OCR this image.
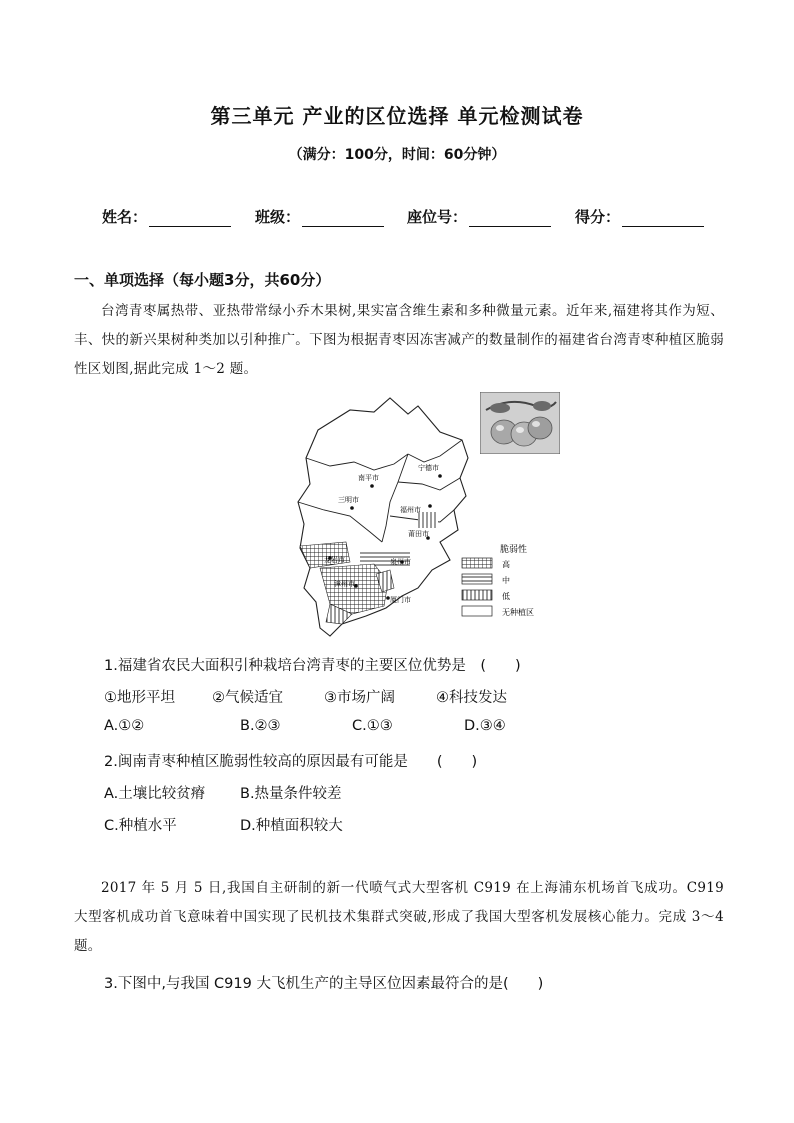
第三单元 产业的区位选择 单元检测试卷
（满分：100分，时间：60分钟）
姓名：	班级：	座位号：	得分：
一、单项选择（每小题3分，共60分）
台湾青枣属热带、亚热带常绿小乔木果树,果实富含维生素和多种微量元素。近年来,福建将其作为短、丰、快的新兴果树种类加以引种推广。下图为根据青枣因冻害减产的数量制作的福建省台湾青枣种植区脆弱性区划图,据此完成 1～2 题。
南平市
宁德市
三明市
福州市
莆田市
龙岩市	泉州市
漳州市
厦门市
脆弱性
高
中
低
无种植区
1.福建省农民大面积引种栽培台湾青枣的主要区位优势是　(　　)
①地形平坦	②气候适宜	③市场广阔	④科技发达
A.①②	B.②③	C.①③	D.③④
2.闽南青枣种植区脆弱性较高的原因最有可能是　　(　　)
A.土壤比较贫瘠 B.热量条件较差
C.种植水平	D.种植面积较大
2017 年 5 月 5 日,我国自主研制的新一代喷气式大型客机 C919 在上海浦东机场首飞成功。C919 大型客机成功首飞意味着中国实现了民机技术集群式突破,形成了我国大型客机发展核心能力。完成 3～4 题。
3.下图中,与我国 C919 大飞机生产的主导区位因素最符合的是(　　)
